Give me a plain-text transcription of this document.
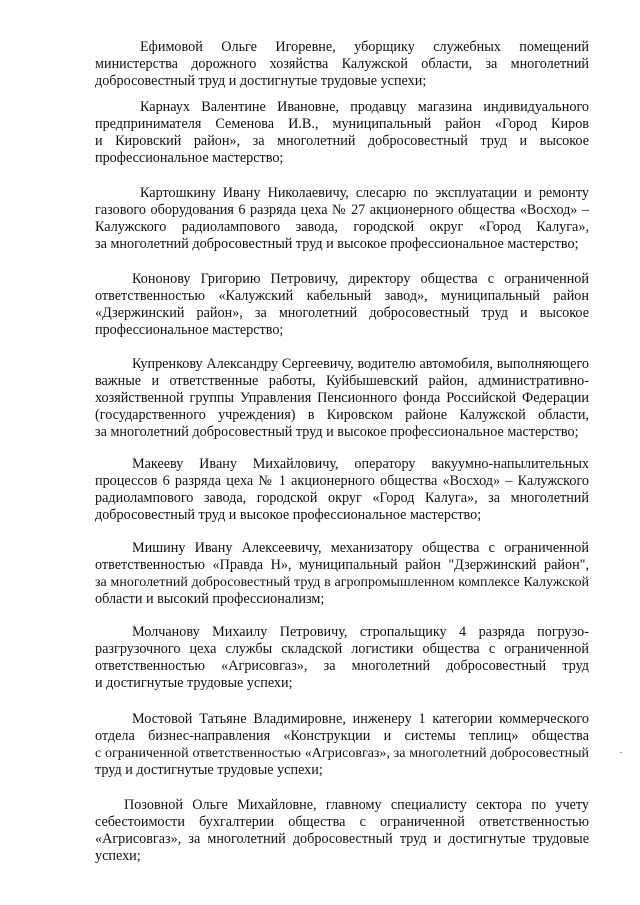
Ефимовой Ольге Игоревне, уборщику служебных помещений
министерства дорожного хозяйства Калужской области, за многолетний
добросовестный труд и достигнутые трудовые успехи;
Карнаух Валентине Ивановне, продавцу магазина индивидуального
предпринимателя Семенова И.В., муниципальный район «Город Киров
и Кировский район», за многолетний добросовестный труд и высокое
профессиональное мастерство;
Картошкину Ивану Николаевичу, слесарю по эксплуатации и ремонту
газового оборудования 6 разряда цеха № 27 акционерного общества «Восход» –
Калужского радиолампового завода, городской округ «Город Калуга»,
за многолетний добросовестный труд и высокое профессиональное мастерство;
Кононову Григорию Петровичу, директору общества с ограниченной
ответственностью «Калужский кабельный завод», муниципальный район
«Дзержинский район», за многолетний добросовестный труд и высокое
профессиональное мастерство;
Купренкову Александру Сергеевичу, водителю автомобиля, выполняющего
важные и ответственные работы, Куйбышевский район, административно-
хозяйственной группы Управления Пенсионного фонда Российской Федерации
(государственного учреждения) в Кировском районе Калужской области,
за многолетний добросовестный труд и высокое профессиональное мастерство;
Макееву Ивану Михайловичу, оператору вакуумно-напылительных
процессов 6 разряда цеха № 1 акционерного общества «Восход» – Калужского
радиолампового завода, городской округ «Город Калуга», за многолетний
добросовестный труд и высокое профессиональное мастерство;
Мишину Ивану Алексеевичу, механизатору общества с ограниченной
ответственностью «Правда Н», муниципальный район "Дзержинский район",
за многолетний добросовестный труд в агропромышленном комплексе Калужской
области и высокий профессионализм;
Молчанову Михаилу Петровичу, стропальщику 4 разряда погрузо-
разгрузочного цеха службы складской логистики общества с ограниченной
ответственностью «Агрисовгаз», за многолетний добросовестный труд
и достигнутые трудовые успехи;
Мостовой Татьяне Владимировне, инженеру 1 категории коммерческого
отдела бизнес-направления «Конструкции и системы теплиц» общества
с ограниченной ответственностью «Агрисовгаз», за многолетний добросовестный
труд и достигнутые трудовые успехи;
Позовной Ольге Михайловне, главному специалисту сектора по учету
себестоимости бухгалтерии общества с ограниченной ответственностью
«Агрисовгаз», за многолетний добросовестный труд и достигнутые трудовые
успехи;
